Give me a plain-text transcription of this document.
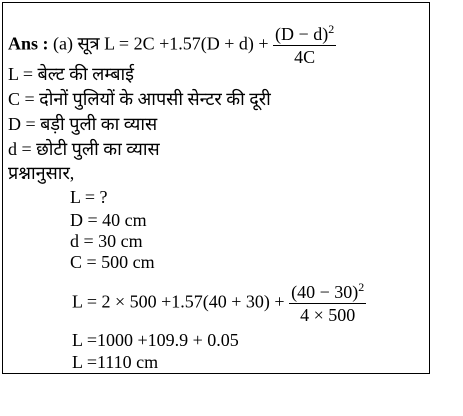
Ans : (a) सूत्र $L = 2C +1.57(D + d) + \frac{(D - d)^2}{4C}$
L = बेल्ट की लम्बाई
C = दोनों पुलियों के आपसी सेन्टर की दूरी
D = बड़ी पुली का व्यास
d = छोटी पुली का व्यास
प्रश्नानुसार,
L = ?
D = 40 cm
d = 30 cm
C = 500 cm
$L = 2 \times 500 +1.57(40 + 30) + \frac{(40 - 30)^2}{4 \times 500}$
L =1000 +109.9 + 0.05
L =1110 cm
